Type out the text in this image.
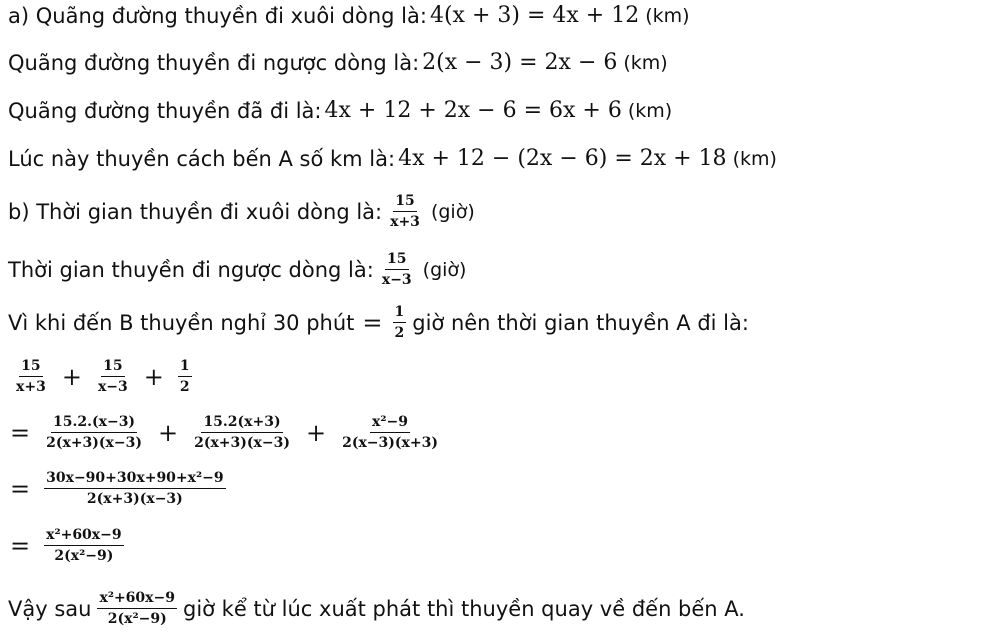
a) Quãng đường thuyền đi xuôi dòng là: 4(x + 3) = 4x + 12 (km)
Quãng đường thuyền đi ngược dòng là: 2(x − 3) = 2x − 6 (km)
Quãng đường thuyền đã đi là: 4x + 12 + 2x − 6 = 6x + 6 (km)
Lúc này thuyền cách bến A số km là: 4x + 12 − (2x − 6) = 2x + 18 (km)
b) Thời gian thuyền đi xuôi dòng là: $\frac{15}{x+3}$ (giờ)
Thời gian thuyền đi ngược dòng là: $\frac{15}{x-3}$ (giờ)
Vì khi đến B thuyền nghỉ 30 phút = $\frac{1}{2}$ giờ nên thời gian thuyền A đi là:
$\frac{15}{x+3} + \frac{15}{x-3} + \frac{1}{2}$
= $\frac{15.2.(x-3)}{2(x+3)(x-3)} + \frac{15.2(x+3)}{2(x+3)(x-3)} + \frac{\text{x²−9}}{2(x-3)(x+3)}$
= $\frac{\text{30x−90+30x+90+x²−9}}{2(x+3)(x-3)}$
= $\frac{\text{x²+60x−9}}{\text{2(x²−9)}}$
Vậy sau $\frac{\text{x²+60x−9}}{\text{2(x²−9)}}$ giờ kể từ lúc xuất phát thì thuyền quay về đến bến A.
